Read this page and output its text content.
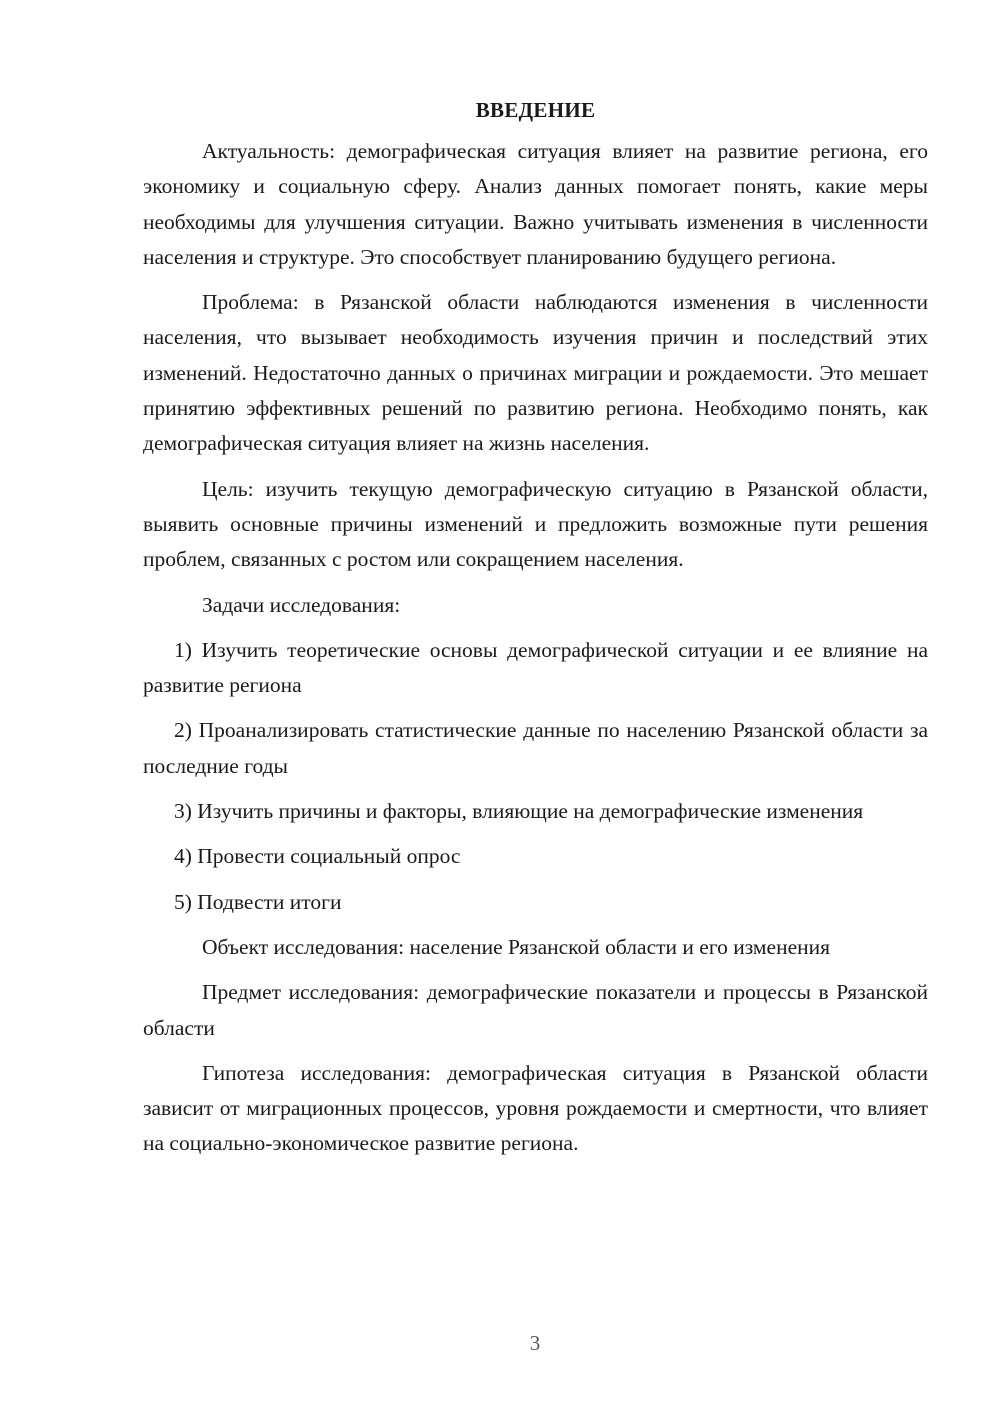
ВВЕДЕНИЕ

Актуальность: демографическая ситуация влияет на развитие региона, его экономику и социальную сферу. Анализ данных помогает понять, какие меры необходимы для улучшения ситуации. Важно учитывать изменения в численности населения и структуре. Это способствует планированию будущего региона.

Проблема: в Рязанской области наблюдаются изменения в численности населения, что вызывает необходимость изучения причин и последствий этих изменений. Недостаточно данных о причинах миграции и рождаемости. Это мешает принятию эффективных решений по развитию региона. Необходимо понять, как демографическая ситуация влияет на жизнь населения.

Цель: изучить текущую демографическую ситуацию в Рязанской области, выявить основные причины изменений и предложить возможные пути решения проблем, связанных с ростом или сокращением населения.

Задачи исследования:

1) Изучить теоретические основы демографической ситуации и ее влияние на развитие региона

2) Проанализировать статистические данные по населению Рязанской области за последние годы

3) Изучить причины и факторы, влияющие на демографические изменения

4) Провести социальный опрос

5) Подвести итоги

Объект исследования: население Рязанской области и его изменения

Предмет исследования: демографические показатели и процессы в Рязанской области

Гипотеза исследования: демографическая ситуация в Рязанской области зависит от миграционных процессов, уровня рождаемости и смертности, что влияет на социально-экономическое развитие региона.

3
